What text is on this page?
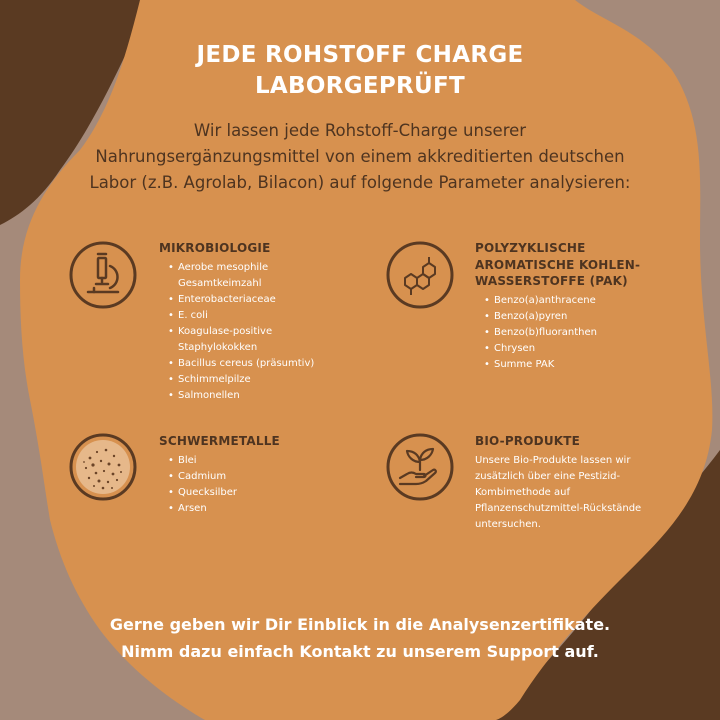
JEDE ROHSTOFF CHARGE
LABORGEPRÜFT
Wir lassen jede Rohstoff-Charge unserer
Nahrungsergänzungsmittel von einem akkreditierten deutschen
Labor (z.B. Agrolab, Bilacon) auf folgende Parameter analysieren:
MIKROBIOLOGIE
• Aerobe mesophile
Gesamtkeimzahl
• Enterobacteriaceae
• E. coli
• Koagulase-positive
Staphylokokken
• Bacillus cereus (präsumtiv)
• Schimmelpilze
• Salmonellen
POLYZYKLISCHE
AROMATISCHE KOHLEN-
WASSERSTOFFE (PAK)
• Benzo(a)anthracene
• Benzo(a)pyren
• Benzo(b)fluoranthen
• Chrysen
• Summe PAK
SCHWERMETALLE
• Blei
• Cadmium
• Quecksilber
• Arsen
BIO-PRODUKTE
Unsere Bio-Produkte lassen wir
zusätzlich über eine Pestizid-
Kombimethode auf
Pflanzenschutzmittel-Rückstände
untersuchen.
Gerne geben wir Dir Einblick in die Analysenzertifikate.
Nimm dazu einfach Kontakt zu unserem Support auf.
